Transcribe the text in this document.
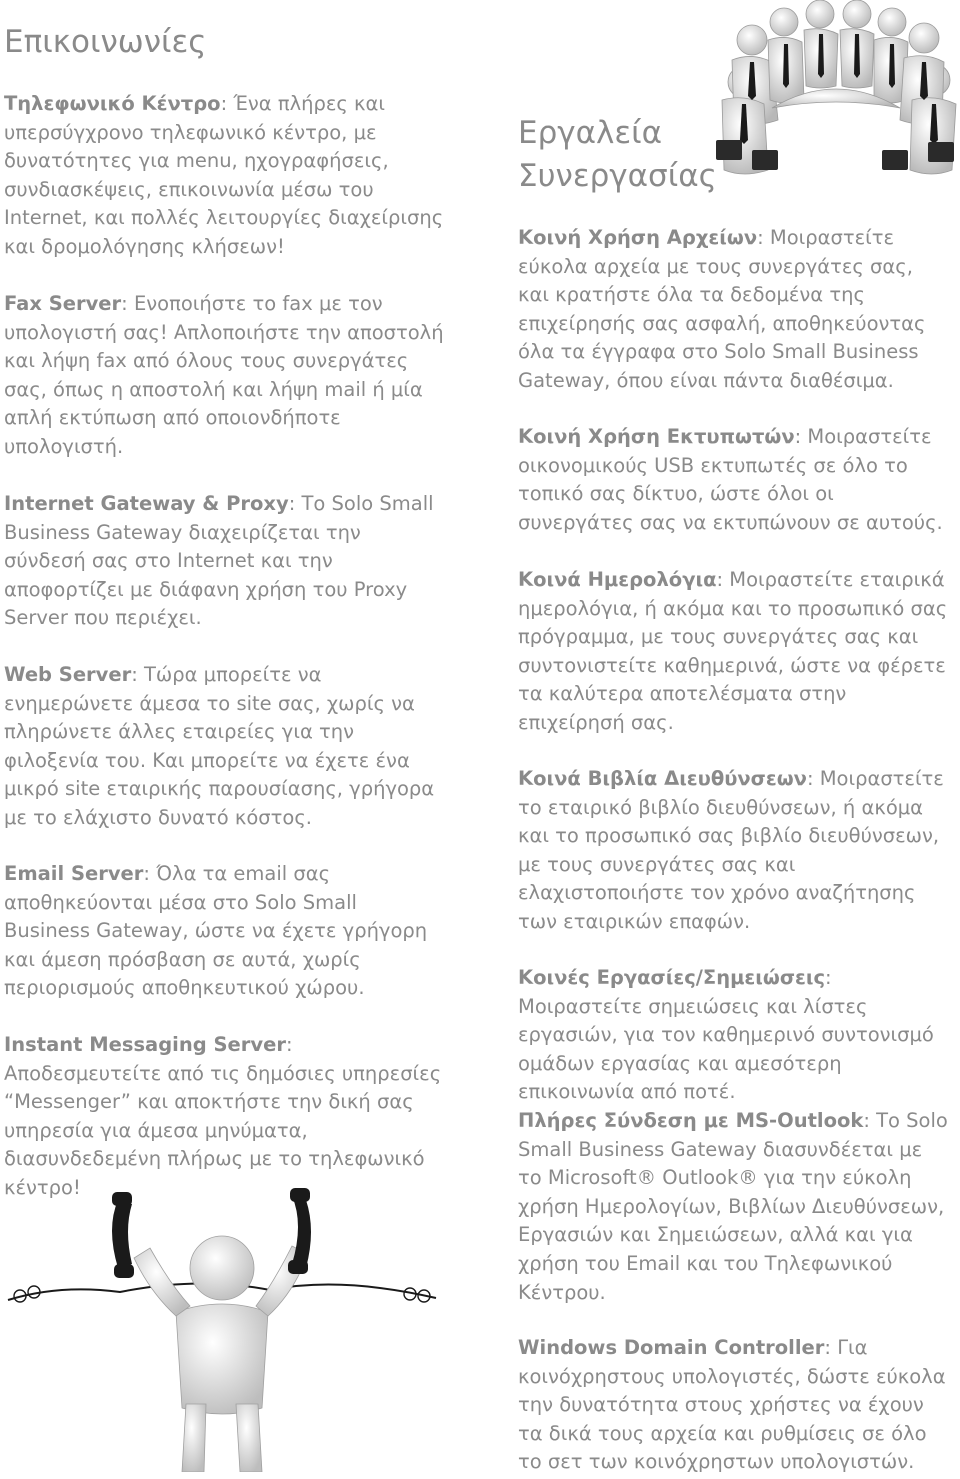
Επικοινωνίες

Τηλεφωνικό Κέντρο: Ένα πλήρες και υπερσύγχρονο τηλεφωνικό κέντρο, με δυνατότητες για menu, ηχογραφήσεις, συνδιασκέψεις, επικοινωνία μέσω του Internet, και πολλές λειτουργίες διαχείρισης και δρομολόγησης κλήσεων!

Fax Server: Ενοποιήστε το fax με τον υπολογιστή σας! Απλοποιήστε την αποστολή και λήψη fax από όλους τους συνεργάτες σας, όπως η αποστολή και λήψη mail ή μία απλή εκτύπωση από οποιονδήποτε υπολογιστή.

Internet Gateway & Proxy: Το Solo Small Business Gateway διαχειρίζεται την σύνδεσή σας στο Internet και την αποφορτίζει με διάφανη χρήση του Proxy Server που περιέχει.

Web Server: Τώρα μπορείτε να ενημερώνετε άμεσα το site σας, χωρίς να πληρώνετε άλλες εταιρείες για την φιλοξενία του. Και μπορείτε να έχετε ένα μικρό site εταιρικής παρουσίασης, γρήγορα με το ελάχιστο δυνατό κόστος.

Email Server: Όλα τα email σας αποθηκεύονται μέσα στο Solo Small Business Gateway, ώστε να έχετε γρήγορη και άμεση πρόσβαση σε αυτά, χωρίς περιορισμούς αποθηκευτικού χώρου.

Instant Messaging Server: Αποδεσμευτείτε από τις δημόσιες υπηρεσίες “Messenger” και αποκτήστε την δική σας υπηρεσία για άμεσα μηνύματα, διασυνδεδεμένη πλήρως με το τηλεφωνικό κέντρο!

Εργαλεία
Συνεργασίας

Κοινή Χρήση Αρχείων: Μοιραστείτε εύκολα αρχεία με τους συνεργάτες σας, και κρατήστε όλα τα δεδομένα της επιχείρησής σας ασφαλή, αποθηκεύοντας όλα τα έγγραφα στο Solo Small Business Gateway, όπου είναι πάντα διαθέσιμα.

Κοινή Χρήση Εκτυπωτών: Μοιραστείτε οικονομικούς USB εκτυπωτές σε όλο το τοπικό σας δίκτυο, ώστε όλοι οι συνεργάτες σας να εκτυπώνουν σε αυτούς.

Κοινά Ημερολόγια: Μοιραστείτε εταιρικά ημερολόγια, ή ακόμα και το προσωπικό σας πρόγραμμα, με τους συνεργάτες σας και συντονιστείτε καθημερινά, ώστε να φέρετε τα καλύτερα αποτελέσματα στην επιχείρησή σας.

Κοινά Βιβλία Διευθύνσεων: Μοιραστείτε το εταιρικό βιβλίο διευθύνσεων, ή ακόμα και το προσωπικό σας βιβλίο διευθύνσεων, με τους συνεργάτες σας και ελαχιστοποιήστε τον χρόνο αναζήτησης των εταιρικών επαφών.

Κοινές Εργασίες/Σημειώσεις: Μοιραστείτε σημειώσεις και λίστες εργασιών, για τον καθημερινό συντονισμό ομάδων εργασίας και αμεσότερη επικοινωνία από ποτέ.

Πλήρες Σύνδεση με MS-Outlook: Το Solo Small Business Gateway διασυνδέεται με το Microsoft® Outlook® για την εύκολη χρήση Ημερολογίων, Βιβλίων Διευθύνσεων, Εργασιών και Σημειώσεων, αλλά και για χρήση του Email και του Τηλεφωνικού Κέντρου.

Windows Domain Controller: Για κοινόχρηστους υπολογιστές, δώστε εύκολα την δυνατότητα στους χρήστες να έχουν τα δικά τους αρχεία και ρυθμίσεις σε όλο το σετ των κοινόχρηστων υπολογιστών.
